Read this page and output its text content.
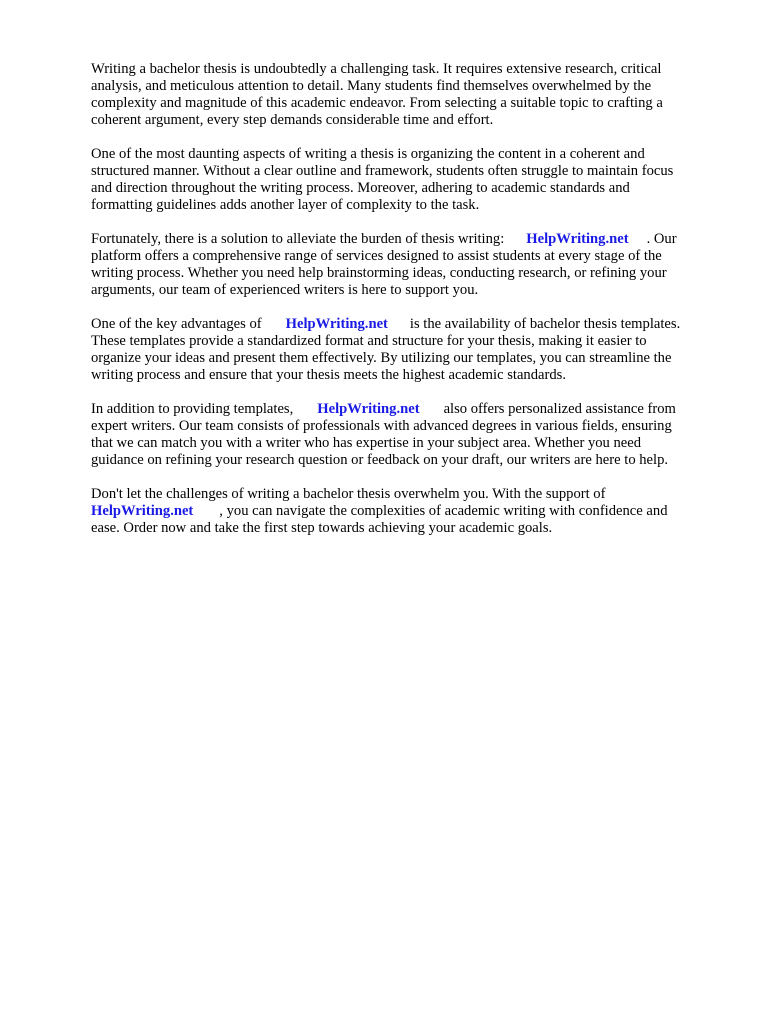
Writing a bachelor thesis is undoubtedly a challenging task. It requires extensive research, critical
analysis, and meticulous attention to detail. Many students find themselves overwhelmed by the
complexity and magnitude of this academic endeavor. From selecting a suitable topic to crafting a
coherent argument, every step demands considerable time and effort.

One of the most daunting aspects of writing a thesis is organizing the content in a coherent and
structured manner. Without a clear outline and framework, students often struggle to maintain focus
and direction throughout the writing process. Moreover, adhering to academic standards and
formatting guidelines adds another layer of complexity to the task.

Fortunately, there is a solution to alleviate the burden of thesis writing: HelpWriting.net . Our
platform offers a comprehensive range of services designed to assist students at every stage of the
writing process. Whether you need help brainstorming ideas, conducting research, or refining your
arguments, our team of experienced writers is here to support you.

One of the key advantages of HelpWriting.net is the availability of bachelor thesis templates.
These templates provide a standardized format and structure for your thesis, making it easier to
organize your ideas and present them effectively. By utilizing our templates, you can streamline the
writing process and ensure that your thesis meets the highest academic standards.

In addition to providing templates, HelpWriting.net also offers personalized assistance from
expert writers. Our team consists of professionals with advanced degrees in various fields, ensuring
that we can match you with a writer who has expertise in your subject area. Whether you need
guidance on refining your research question or feedback on your draft, our writers are here to help.

Don't let the challenges of writing a bachelor thesis overwhelm you. With the support of
HelpWriting.net , you can navigate the complexities of academic writing with confidence and
ease. Order now and take the first step towards achieving your academic goals.
